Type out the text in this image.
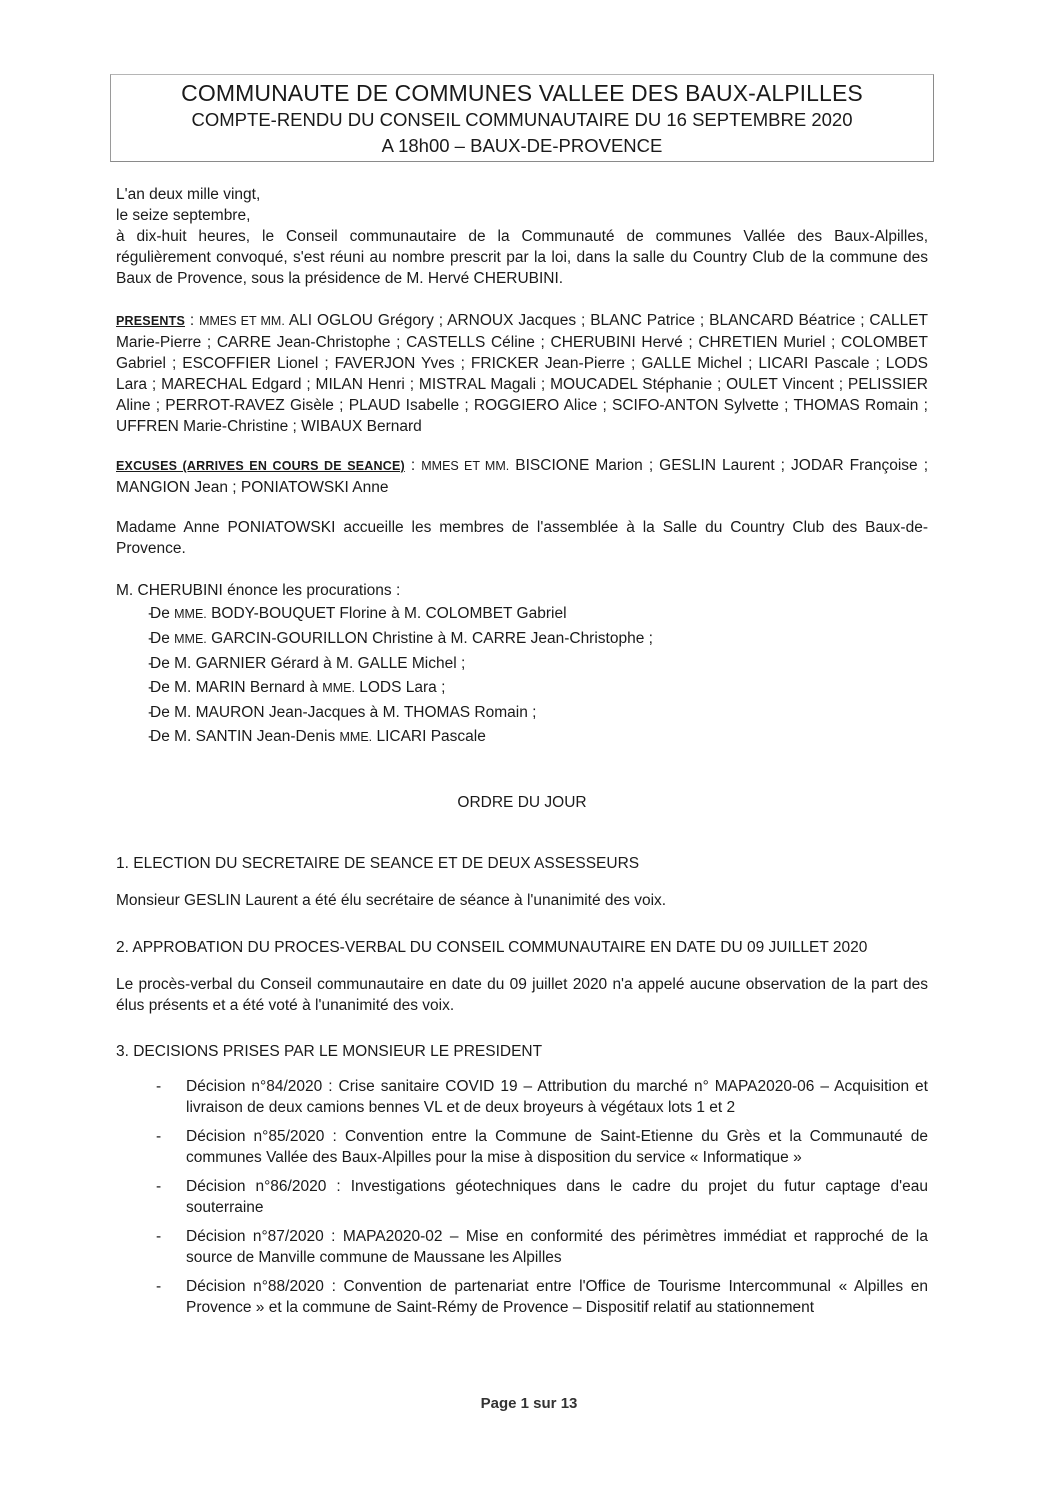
COMMUNAUTE DE COMMUNES VALLEE DES BAUX-ALPILLES
COMPTE-RENDU DU CONSEIL COMMUNAUTAIRE DU 16 SEPTEMBRE 2020
A 18h00 – BAUX-DE-PROVENCE
L'an deux mille vingt,
le seize septembre,
à dix-huit heures, le Conseil communautaire de la Communauté de communes Vallée des Baux-Alpilles, régulièrement convoqué, s'est réuni au nombre prescrit par la loi, dans la salle du Country Club de la commune des Baux de Provence, sous la présidence de M. Hervé CHERUBINI.
PRESENTS : MMES ET MM. ALI OGLOU Grégory ; ARNOUX Jacques ; BLANC Patrice ; BLANCARD Béatrice ; CALLET Marie-Pierre ; CARRE Jean-Christophe ; CASTELLS Céline ; CHERUBINI Hervé ; CHRETIEN Muriel ; COLOMBET Gabriel ; ESCOFFIER Lionel ; FAVERJON Yves ; FRICKER Jean-Pierre ; GALLE Michel ; LICARI Pascale ; LODS Lara ; MARECHAL Edgard ; MILAN Henri ; MISTRAL Magali ; MOUCADEL Stéphanie ; OULET Vincent ; PELISSIER Aline ; PERROT-RAVEZ Gisèle ; PLAUD Isabelle ; ROGGIERO Alice ; SCIFO-ANTON Sylvette ; THOMAS Romain ; UFFREN Marie-Christine ; WIBAUX Bernard
EXCUSES (ARRIVES EN COURS DE SEANCE) : MMES ET MM. BISCIONE Marion ; GESLIN Laurent ; JODAR Françoise ; MANGION Jean ; PONIATOWSKI Anne
Madame Anne PONIATOWSKI accueille les membres de l'assemblée à la Salle du Country Club des Baux-de-Provence.
M. CHERUBINI énonce les procurations :
- De MME. BODY-BOUQUET Florine à M. COLOMBET Gabriel
- De MME. GARCIN-GOURILLON Christine à M. CARRE Jean-Christophe ;
- De M. GARNIER Gérard à M. GALLE Michel ;
- De M. MARIN Bernard à MME. LODS Lara ;
- De M. MAURON Jean-Jacques à M. THOMAS Romain ;
- De M. SANTIN Jean-Denis MME. LICARI Pascale
ORDRE DU JOUR
1. ELECTION DU SECRETAIRE DE SEANCE ET DE DEUX ASSESSEURS
Monsieur GESLIN Laurent a été élu secrétaire de séance à l'unanimité des voix.
2. APPROBATION DU PROCES-VERBAL DU CONSEIL COMMUNAUTAIRE EN DATE DU 09 JUILLET 2020
Le procès-verbal du Conseil communautaire en date du 09 juillet 2020 n'a appelé aucune observation de la part des élus présents et a été voté à l'unanimité des voix.
3. DECISIONS PRISES PAR LE MONSIEUR LE PRESIDENT
- Décision n°84/2020 : Crise sanitaire COVID 19 – Attribution du marché n° MAPA2020-06 – Acquisition et livraison de deux camions bennes VL et de deux broyeurs à végétaux lots 1 et 2
- Décision n°85/2020 : Convention entre la Commune de Saint-Etienne du Grès et la Communauté de communes Vallée des Baux-Alpilles pour la mise à disposition du service « Informatique »
- Décision n°86/2020 : Investigations géotechniques dans le cadre du projet du futur captage d'eau souterraine
- Décision n°87/2020 : MAPA2020-02 – Mise en conformité des périmètres immédiat et rapproché de la source de Manville commune de Maussane les Alpilles
- Décision n°88/2020 : Convention de partenariat entre l'Office de Tourisme Intercommunal « Alpilles en Provence » et la commune de Saint-Rémy de Provence – Dispositif relatif au stationnement
Page 1 sur 13
